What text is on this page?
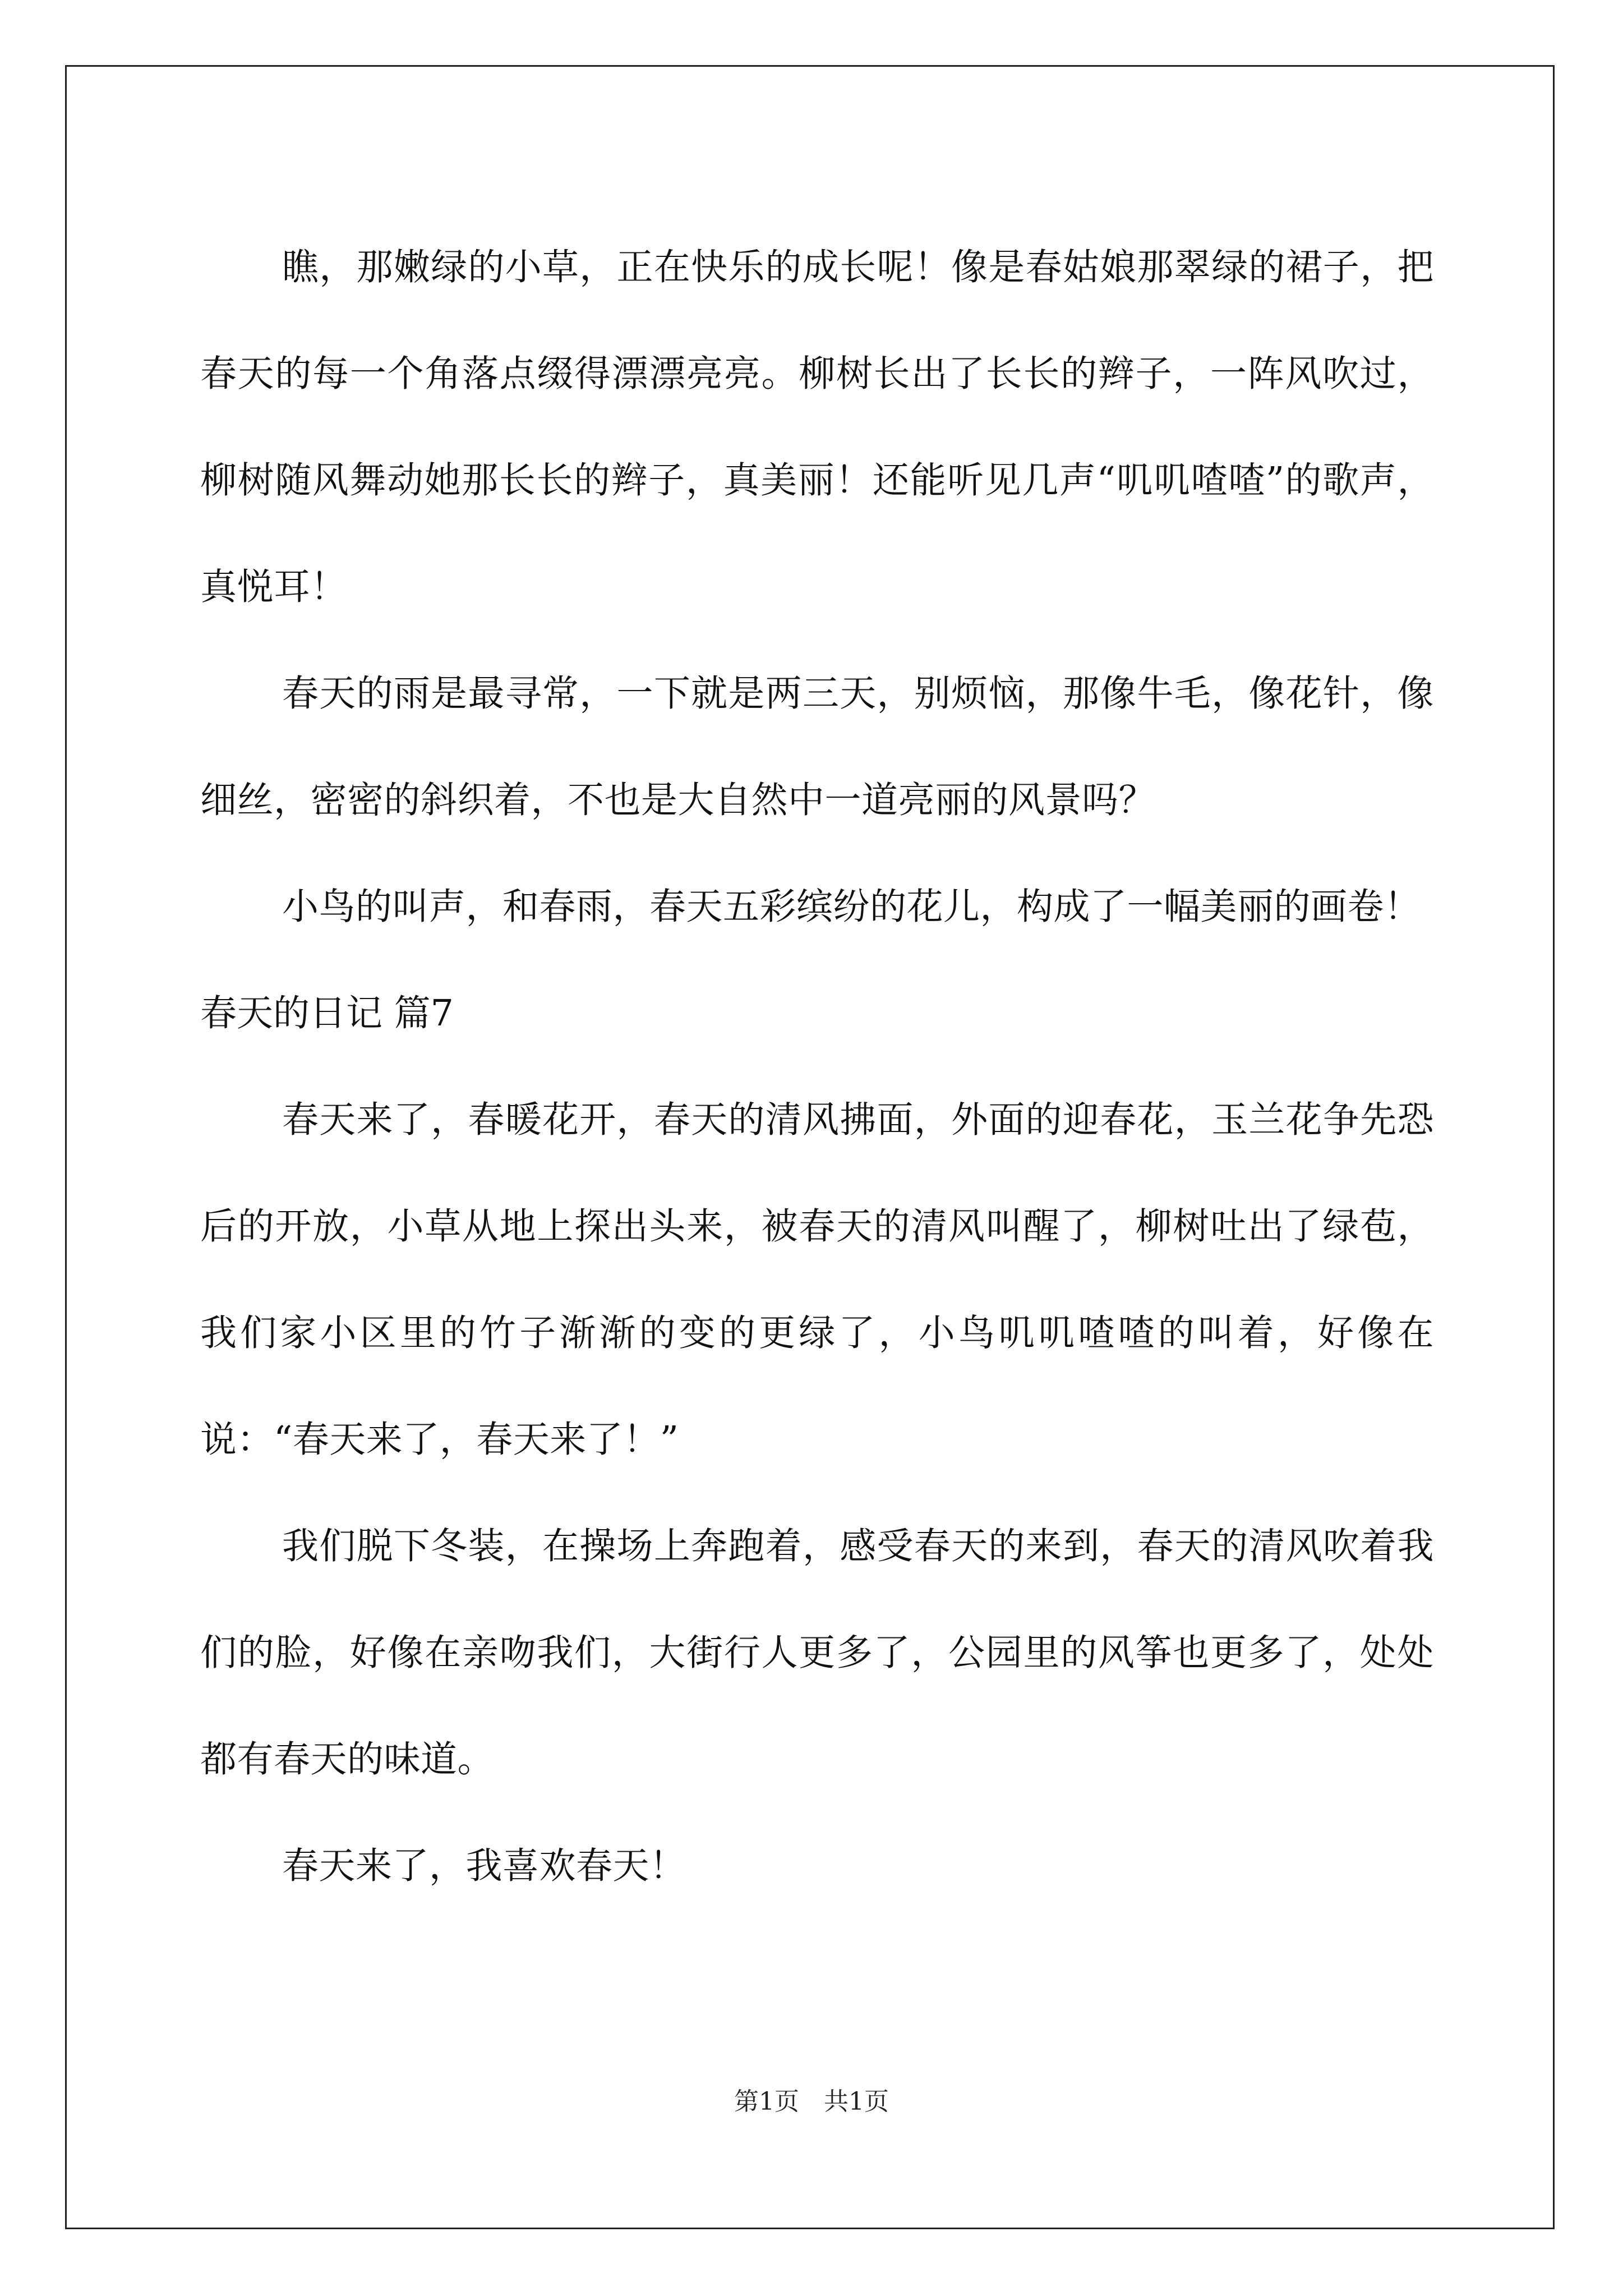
瞧，那嫩绿的小草，正在快乐的成长呢！像是春姑娘那翠绿的裙子，把春天的每一个角落点缀得漂漂亮亮。柳树长出了长长的辫子，一阵风吹过，柳树随风舞动她那长长的辫子，真美丽！还能听见几声“叽叽喳喳”的歌声，真悦耳！

春天的雨是最寻常，一下就是两三天，别烦恼，那像牛毛，像花针，像细丝，密密的斜织着，不也是大自然中一道亮丽的风景吗？

小鸟的叫声，和春雨，春天五彩缤纷的花儿，构成了一幅美丽的画卷！

春天的日记 篇7

春天来了，春暖花开，春天的清风拂面，外面的迎春花，玉兰花争先恐后的开放，小草从地上探出头来，被春天的清风叫醒了，柳树吐出了绿苞，我们家小区里的竹子渐渐的变的更绿了，小鸟叽叽喳喳的叫着，好像在说：“春天来了，春天来了！”

我们脱下冬装，在操场上奔跑着，感受春天的来到，春天的清风吹着我们的脸，好像在亲吻我们，大街行人更多了，公园里的风筝也更多了，处处都有春天的味道。

春天来了，我喜欢春天！

第1页　共1页
